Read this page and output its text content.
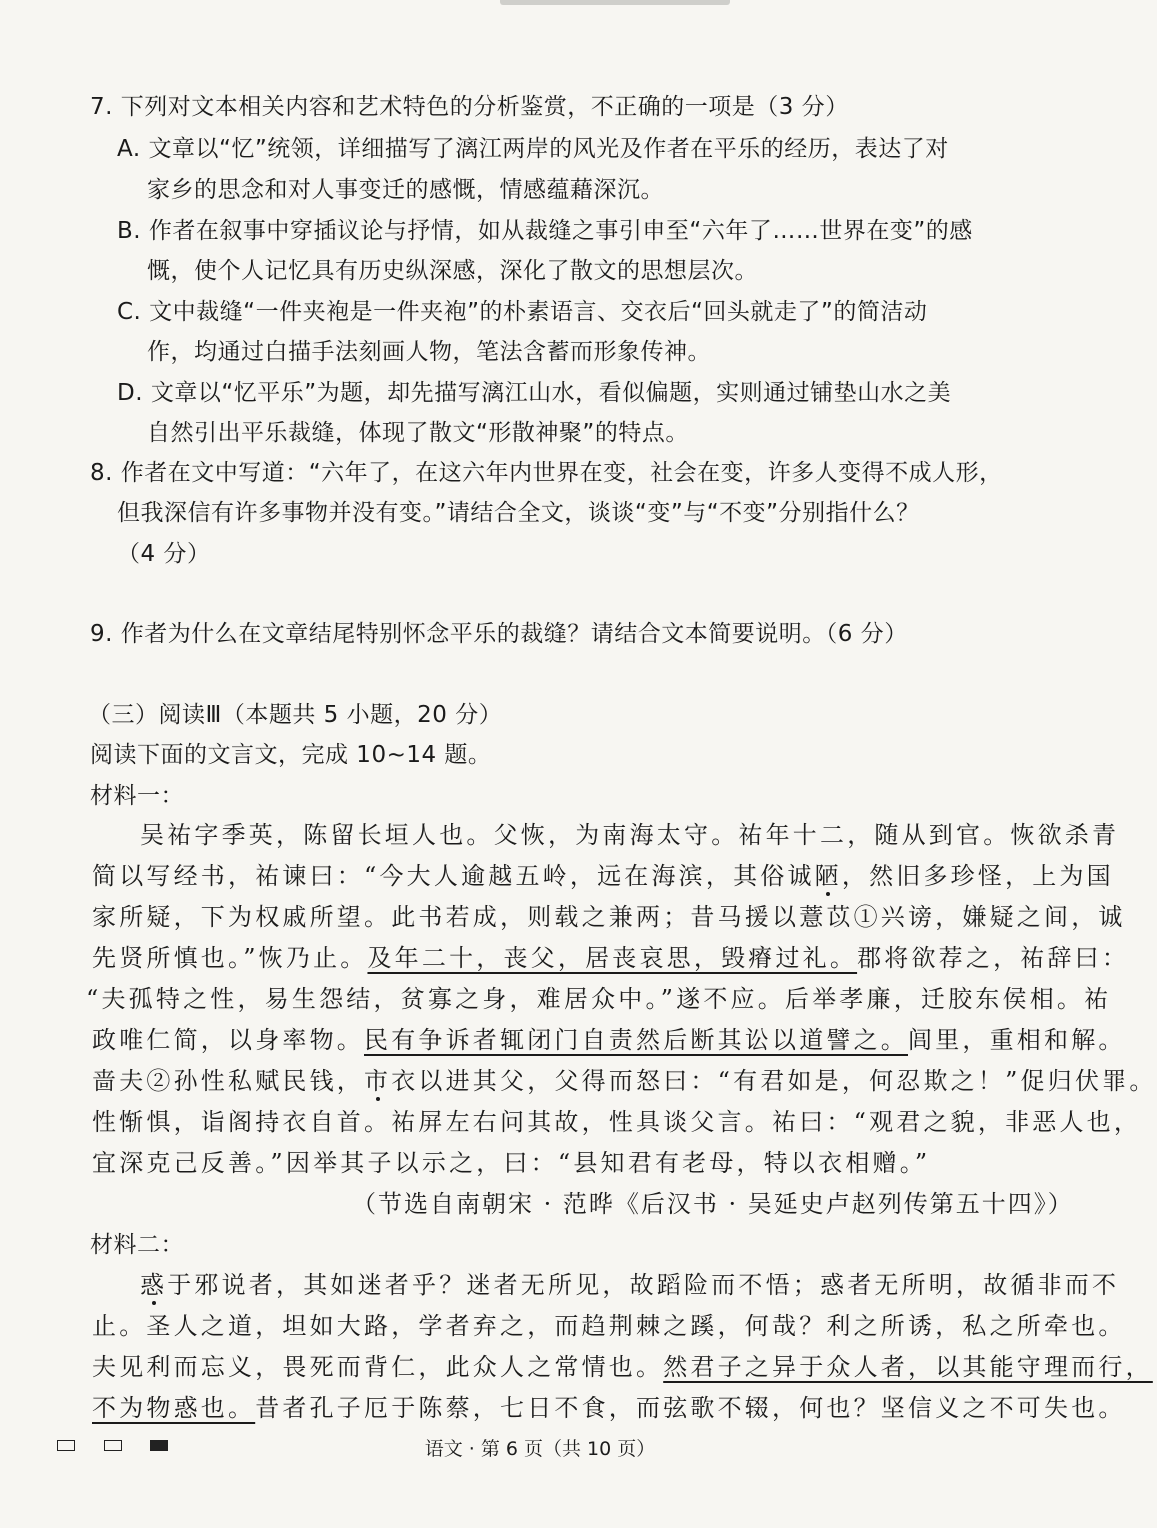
7. 下列对文本相关内容和艺术特色的分析鉴赏，不正确的一项是（3 分）
A. 文章以“忆”统领，详细描写了漓江两岸的风光及作者在平乐的经历，表达了对
家乡的思念和对人事变迁的感慨，情感蕴藉深沉。
B. 作者在叙事中穿插议论与抒情，如从裁缝之事引申至“六年了……世界在变”的感
慨，使个人记忆具有历史纵深感，深化了散文的思想层次。
C. 文中裁缝“一件夹袍是一件夹袍”的朴素语言、交衣后“回头就走了”的简洁动
作，均通过白描手法刻画人物，笔法含蓄而形象传神。
D. 文章以“忆平乐”为题，却先描写漓江山水，看似偏题，实则通过铺垫山水之美
自然引出平乐裁缝，体现了散文“形散神聚”的特点。
8. 作者在文中写道：“六年了，在这六年内世界在变，社会在变，许多人变得不成人形，
但我深信有许多事物并没有变。”请结合全文，谈谈“变”与“不变”分别指什么？
（4 分）
9. 作者为什么在文章结尾特别怀念平乐的裁缝？请结合文本简要说明。（6 分）
（三）阅读Ⅲ（本题共 5 小题，20 分）
阅读下面的文言文，完成 10~14 题。
材料一：
吴祐字季英，陈留长垣人也。父恢，为南海太守。祐年十二，随从到官。恢欲杀青
简以写经书，祐谏曰：“今大人逾越五岭，远在海滨，其俗诚陋，然旧多珍怪，上为国
家所疑，下为权戚所望。此书若成，则载之兼两；昔马援以薏苡①兴谤，嫌疑之间，诚
先贤所慎也。”恢乃止。及年二十，丧父，居丧哀思，毁瘠过礼。郡将欲荐之，祐辞曰：
“夫孤特之性，易生怨结，贫寡之身，难居众中。”遂不应。后举孝廉，迁胶东侯相。祐
政唯仁简，以身率物。民有争诉者辄闭门自责然后断其讼以道譬之。闾里，重相和解。
啬夫②孙性私赋民钱，市衣以进其父，父得而怒曰：“有君如是，何忍欺之！”促归伏罪。
性惭惧，诣阁持衣自首。祐屏左右问其故，性具谈父言。祐曰：“观君之貌，非恶人也，
宜深克己反善。”因举其子以示之，曰：“县知君有老母，特以衣相赠。”
（节选自南朝宋 · 范晔《后汉书 · 吴延史卢赵列传第五十四》）
材料二：
惑于邪说者，其如迷者乎？迷者无所见，故蹈险而不悟；惑者无所明，故循非而不
止。圣人之道，坦如大路，学者弃之，而趋荆棘之蹊，何哉？利之所诱，私之所牵也。
夫见利而忘义，畏死而背仁，此众人之常情也。然君子之异于众人者，以其能守理而行，
不为物惑也。昔者孔子厄于陈蔡，七日不食，而弦歌不辍，何也？坚信义之不可失也。
语文 · 第 6 页（共 10 页）
